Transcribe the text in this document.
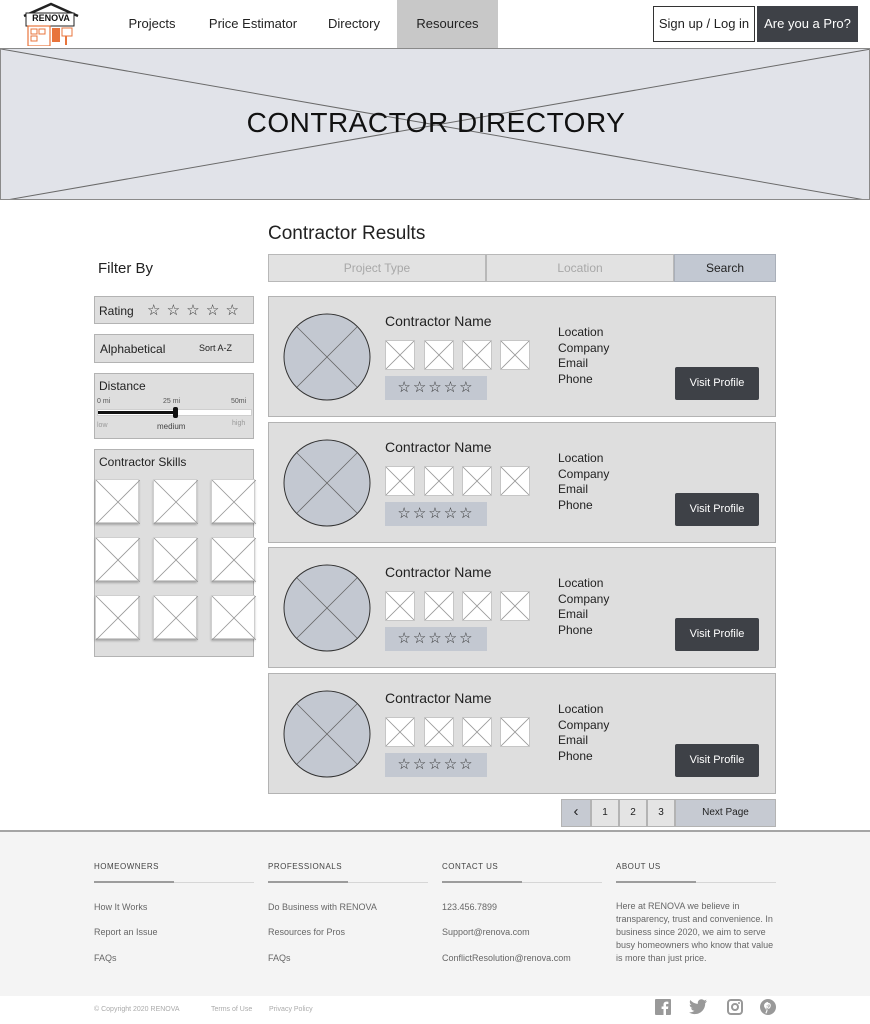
RENOVA	Projects	Price Estimator	Directory	Resources	Sign up / Log in	Are you a Pro?
CONTRACTOR DIRECTORY
Contractor Results
Filter By	Project Type	Location	Search
Rating ☆ ☆ ☆ ☆ ☆
Alphabetical	Sort A-Z
Distance
0 mi	25 mi	50mi
low	medium	high
Contractor Skills
Contractor Name
☆☆☆☆☆
Location
Company
Email
Phone	Visit Profile
Contractor Name
☆☆☆☆☆
Location
Company
Email
Phone	Visit Profile
Contractor Name
☆☆☆☆☆
Location
Company
Email
Phone	Visit Profile
Contractor Name
☆☆☆☆☆
Location
Company
Email
Phone	Visit Profile
‹	1	2	3	Next Page
HOMEOWNERS
How It Works
Report an Issue
FAQs
PROFESSIONALS
Do Business with RENOVA
Resources for Pros
FAQs
CONTACT US
123.456.7899
Support@renova.com
ConflictResolution@renova.com
ABOUT US
Here at RENOVA we believe in transparency, trust and convenience. In business since 2020, we aim to serve busy homeowners who know that value is more than just price.
© Copyright 2020 RENOVA	Terms of Use Privacy Policy
